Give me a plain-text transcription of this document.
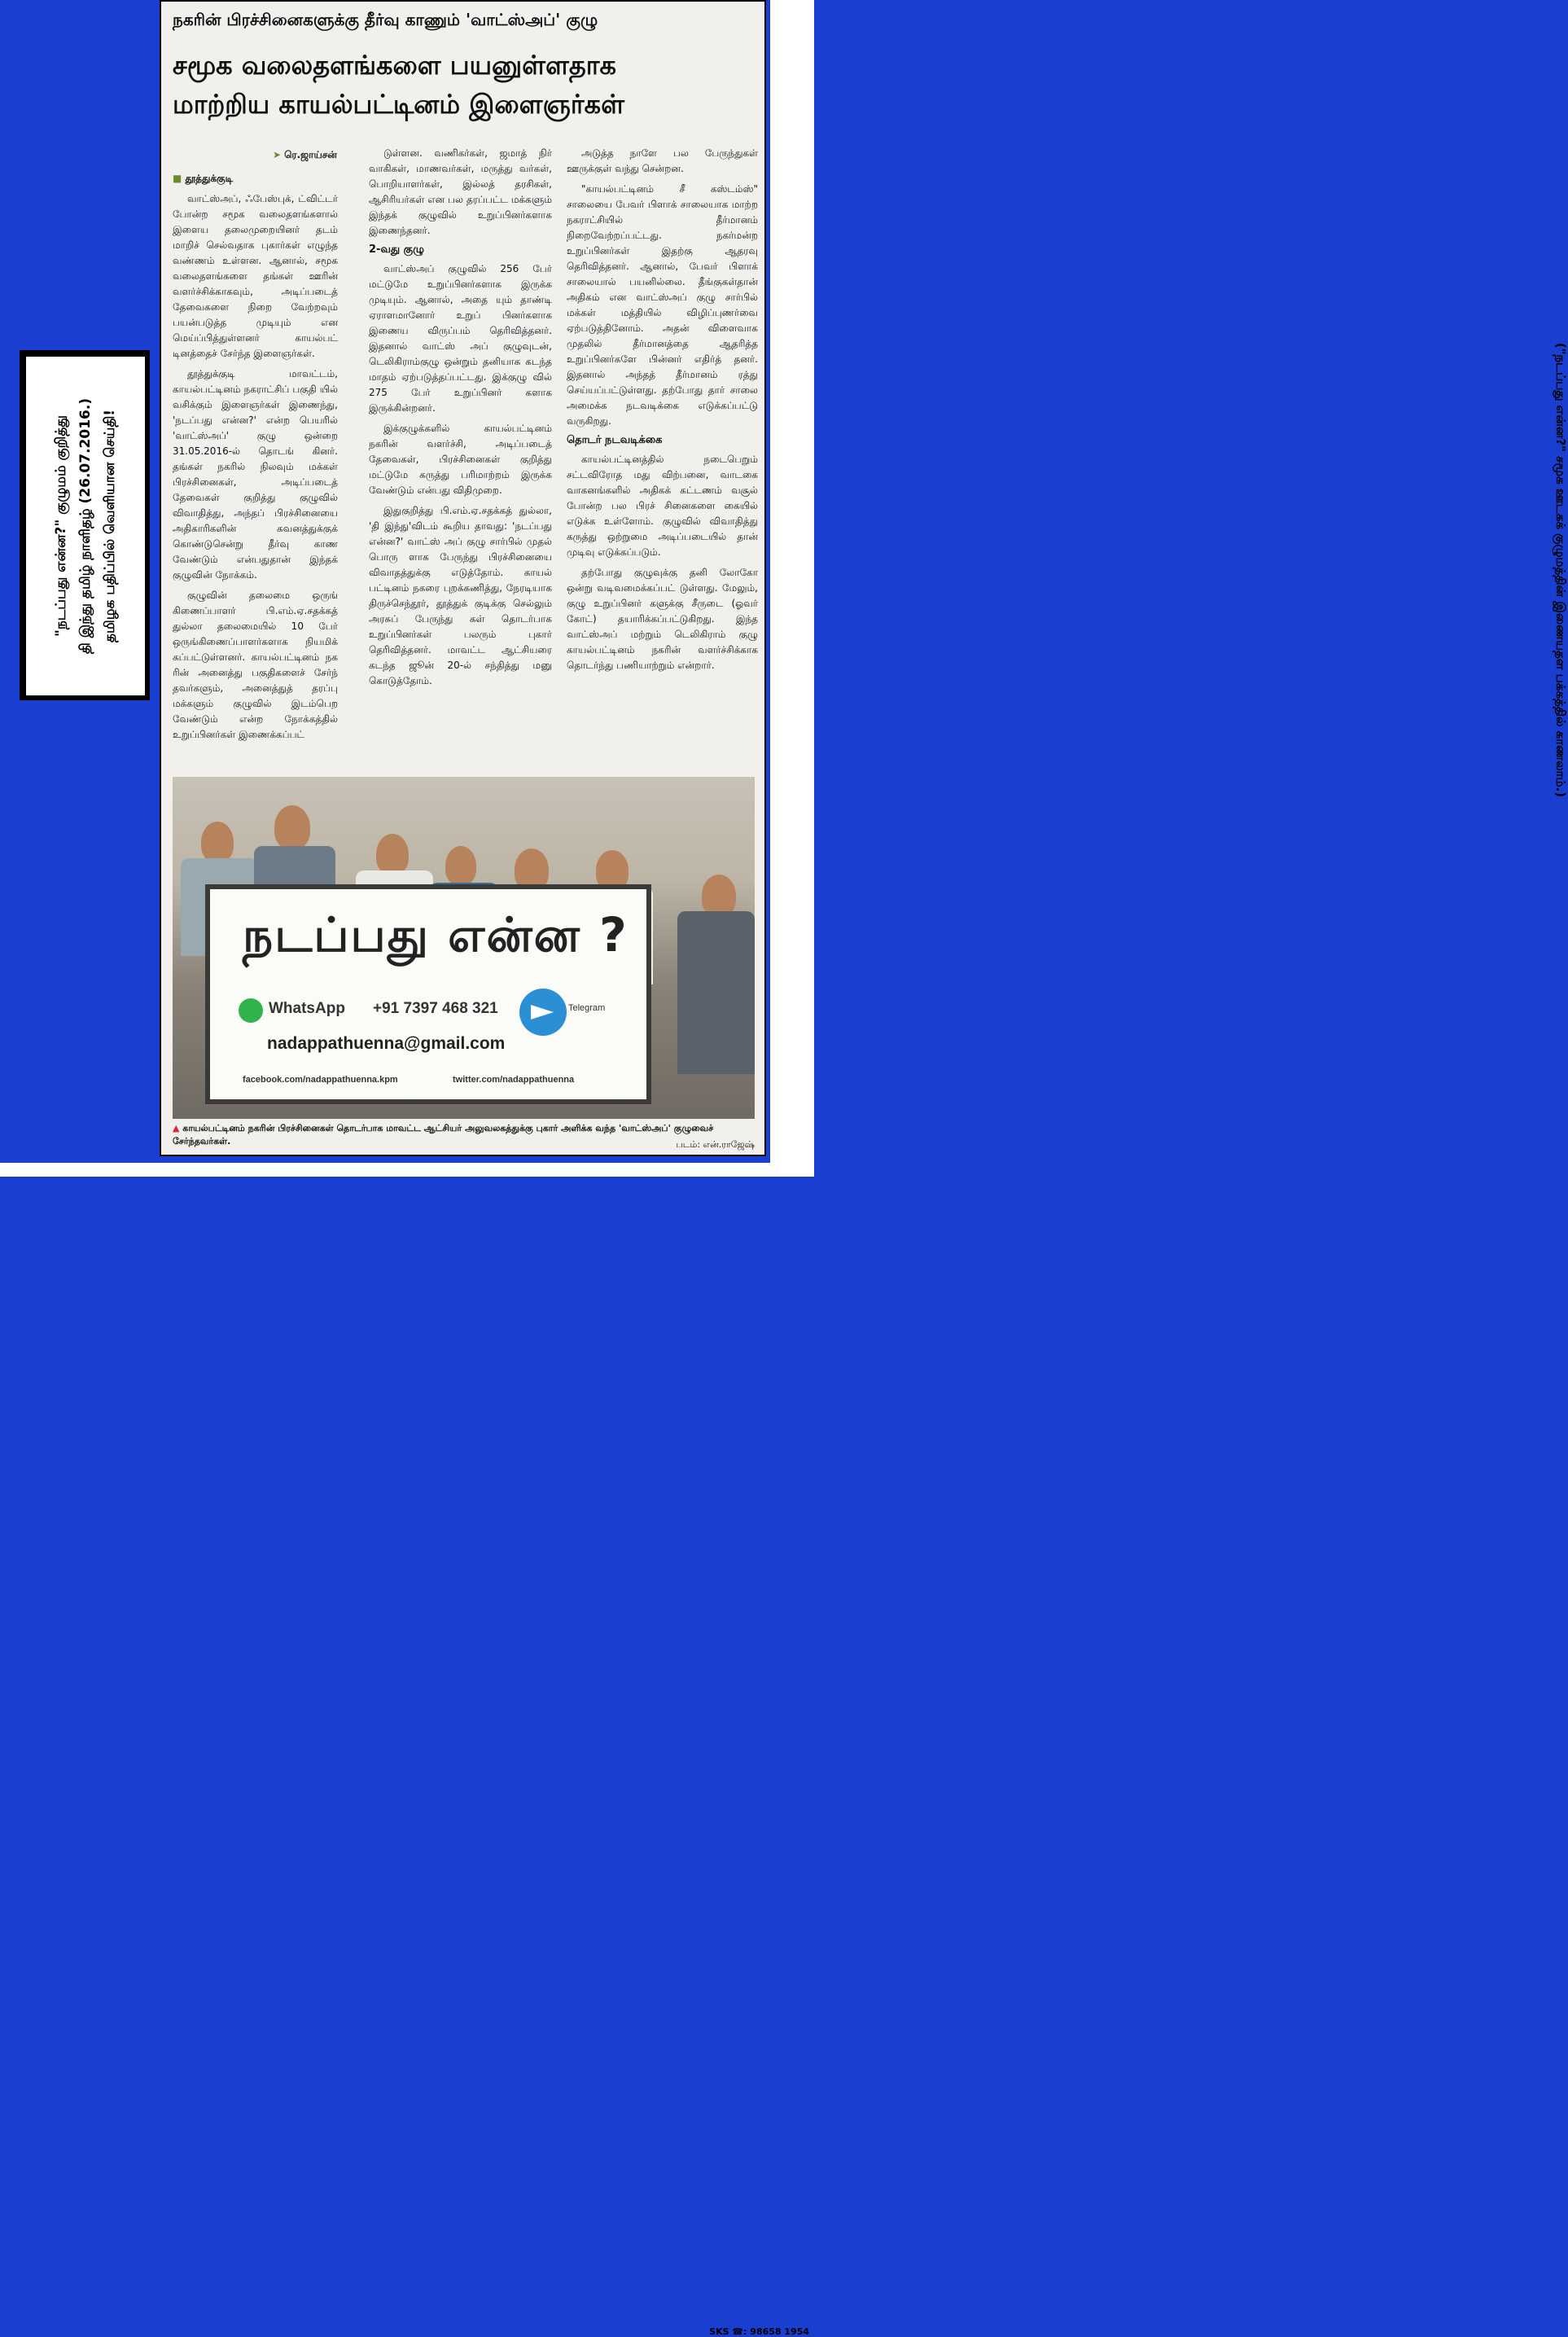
("நடப்பது என்ன?" சமூக ஊடகக் குழுமத்தின் இணையதள பக்கத்தில் காணலாம்.)
"நடப்பது என்ன?" குழுமம் குறித்து தி இந்து தமிழ் நாளிதழ் (26.07.2016.) தமிழக பதிப்பில் வெளியான செய்தி!
நகரின் பிரச்சினைகளுக்கு தீர்வு காணும் 'வாட்ஸ்அப்' குழு
சமூக வலைதளங்களை பயனுள்ளதாக
மாற்றிய காயல்பட்டினம் இளைஞர்கள்
➤ ரெ.ஜாய்சன்

■ தூத்துக்குடி

வாட்ஸ்அப், ஃபேஸ்புக், ட்விட்டர் போன்ற சமூக வலைதளங்களால் இளைய தலைமுறையினர் தடம் மாறிச் செல்வதாக புகார்கள் எழுந்த வண்ணம் உள்ளன. ஆனால், சமூக வலைதளங்களை தங்கள் ஊரின் வளர்ச்சிக்காகவும், அடிப்படைத் தேவைகளை நிறை வேற்றவும் பயன்படுத்த முடியும் என மெய்ப்பித்துள்ளனர் காயல்பட் டினத்தைச் சேர்ந்த இளைஞர்கள்.

தூத்துக்குடி மாவட்டம், காயல்பட்டினம் நகராட்சிப் பகுதி யில் வசிக்கும் இளைஞர்கள் இணைந்து, 'நடப்பது என்ன?' என்ற பெயரில் 'வாட்ஸ்அப்' குழு ஒன்றை 31.05.2016-ல் தொடங் கினர். தங்கள் நகரில் நிலவும் மக்கள் பிரச்சினைகள், அடிப்படைத் தேவைகள் குறித்து குழுவில் விவாதித்து, அந்தப் பிரச்சினையை அதிகாரிகளின் கவனத்துக்குக் கொண்டுசென்று தீர்வு காண வேண்டும் என்பதுதான் இந்தக் குழுவின் நோக்கம்.

குழுவின் தலைமை ஒருங் கிணைப்பாளர் பி.எம்.ஏ.சதக்கத் துல்லா தலைமையில் 10 பேர் ஒருங்கிணைப்பாளர்களாக நியமிக் கப்பட்டுள்ளனர். காயல்பட்டினம் நக ரின் அனைத்து பகுதிகளைச் சேர்ந் தவர்களும், அனைத்துத் தரப்பு மக்களும் குழுவில் இடம்பெற வேண்டும் என்ற நோக்கத்தில் உறுப்பினர்கள் இணைக்கப்பட்

டுள்ளன. வணிகர்கள், ஜமாத் நிர் வாகிகள், மாணவர்கள், மருத்து வர்கள், பொறியாளர்கள், இல்லத் தரசிகள், ஆசிரியர்கள் என பல தரப்பட்ட மக்களும் இந்தக் குழுவில் உறுப்பினர்களாக இணைந்தனர்.

2-வது குழு

வாட்ஸ்அப் குழுவில் 256 பேர் மட்டுமே உறுப்பினர்களாக இருக்க முடியும். ஆனால், அதை யும் தாண்டி ஏராளமானோர் உறுப் பினர்களாக இணைய விருப்பம் தெரிவித்தனர். இதனால் வாட்ஸ் அப் குழுவுடன், டெலிகிராம்குழு ஒன்றும் தனியாக கடந்த மாதம் ஏற்படுத்தப்பட்டது. இக்குழு வில் 275 பேர் உறுப்பினர் களாக இருக்கின்றனர்.

இக்குழுக்களில் காயல்பட்டினம் நகரின் வளர்ச்சி, அடிப்படைத் தேவைகள், பிரச்சினைகள் குறித்து மட்டுமே கருத்து பரிமாற்றம் இருக்க வேண்டும் என்பது விதிமுறை.

இதுகுறித்து பி.எம்.ஏ.சதக்கத் துல்லா, 'தி இந்து'விடம் கூறிய தாவது: 'நடப்பது என்ன?' வாட்ஸ் அப் குழு சார்பில் முதல் பொரு ளாக பேருந்து பிரச்சினையை விவாதத்துக்கு எடுத்தோம். காயல் பட்டினம் நகரை புறக்கணித்து, நேரடியாக திருச்செந்தூர், தூத்துக் குடிக்கு செல்லும் அரசுப் பேருந்து கள் தொடர்பாக உறுப்பினர்கள் பலரும் புகார் தெரிவித்தனர். மாவட்ட ஆட்சியரை கடந்த ஜூன் 20-ல் சந்தித்து மனு கொடுத்தோம்.

அடுத்த நாளே பல பேருந்துகள் ஊருக்குள் வந்து சென்றன.

"காயல்பட்டினம் சீ கஸ்டம்ஸ்" சாலையை பேவர் பிளாக் சாலையாக மாற்ற நகராட்சியில் தீர்மானம் நிறைவேற்றப்பட்டது. நகர்மன்ற உறுப்பினர்கள் இதற்கு ஆதரவு தெரிவித்தனர். ஆனால், பேவர் பிளாக் சாலையால் பயனில்லை. தீங்குகள்தான் அதிகம் என வாட்ஸ்அப் குழு சார்பில் மக்கள் மத்தியில் விழிப்புணர்வை ஏற்படுத்தினோம். அதன் விளைவாக முதலில் தீர்மானத்தை ஆதரித்த உறுப்பினர்களே பின்னர் எதிர்த் தனர். இதனால் அந்தத் தீர்மானம் ரத்து செய்யப்பட்டுள்ளது. தற்போது தார் சாலை அமைக்க நடவடிக்கை எடுக்கப்பட்டு வருகிறது.

தொடர் நடவடிக்கை

காயல்பட்டினத்தில் நடைபெறும் சட்டவிரோத மது விற்பனை, வாடகை வாகனங்களில் அதிகக் கட்டணம் வசூல் போன்ற பல பிரச் சினைகளை கையில் எடுக்க உள்ளோம். குழுவில் விவாதித்து கருத்து ஒற்றுமை அடிப்படையில் தான் முடிவு எடுக்கப்படும்.

தற்போது குழுவுக்கு தனி லோகோ ஒன்று வடிவமைக்கப்பட் டுள்ளது. மேலும், குழு உறுப்பினர் களுக்கு சீருடை (ஓவர் கோட்) தயாரிக்கப்பட்டுகிறது. இந்த வாட்ஸ்அப் மற்றும் டெலிகிராம் குழு காயல்பட்டினம் நகரின் வளர்ச்சிக்காக தொடர்ந்து பணியாற்றும் என்றார்.

நடப்பது என்ன ?
WhatsApp +91 7397 468 321	Telegram
nadappathuenna@gmail.com
facebook.com/nadappathuenna.kpm	twitter.com/nadappathuenna
▲ காயல்பட்டினம் நகரின் பிரச்சினைகள் தொடர்பாக மாவட்ட ஆட்சியர் அலுவலகத்துக்கு புகார் அளிக்க வந்த 'வாட்ஸ்அப்' குழுவைச் சேர்ந்தவர்கள்.	படம்: என்.ராஜேஷ்
SKS ☎: 98658 1954
